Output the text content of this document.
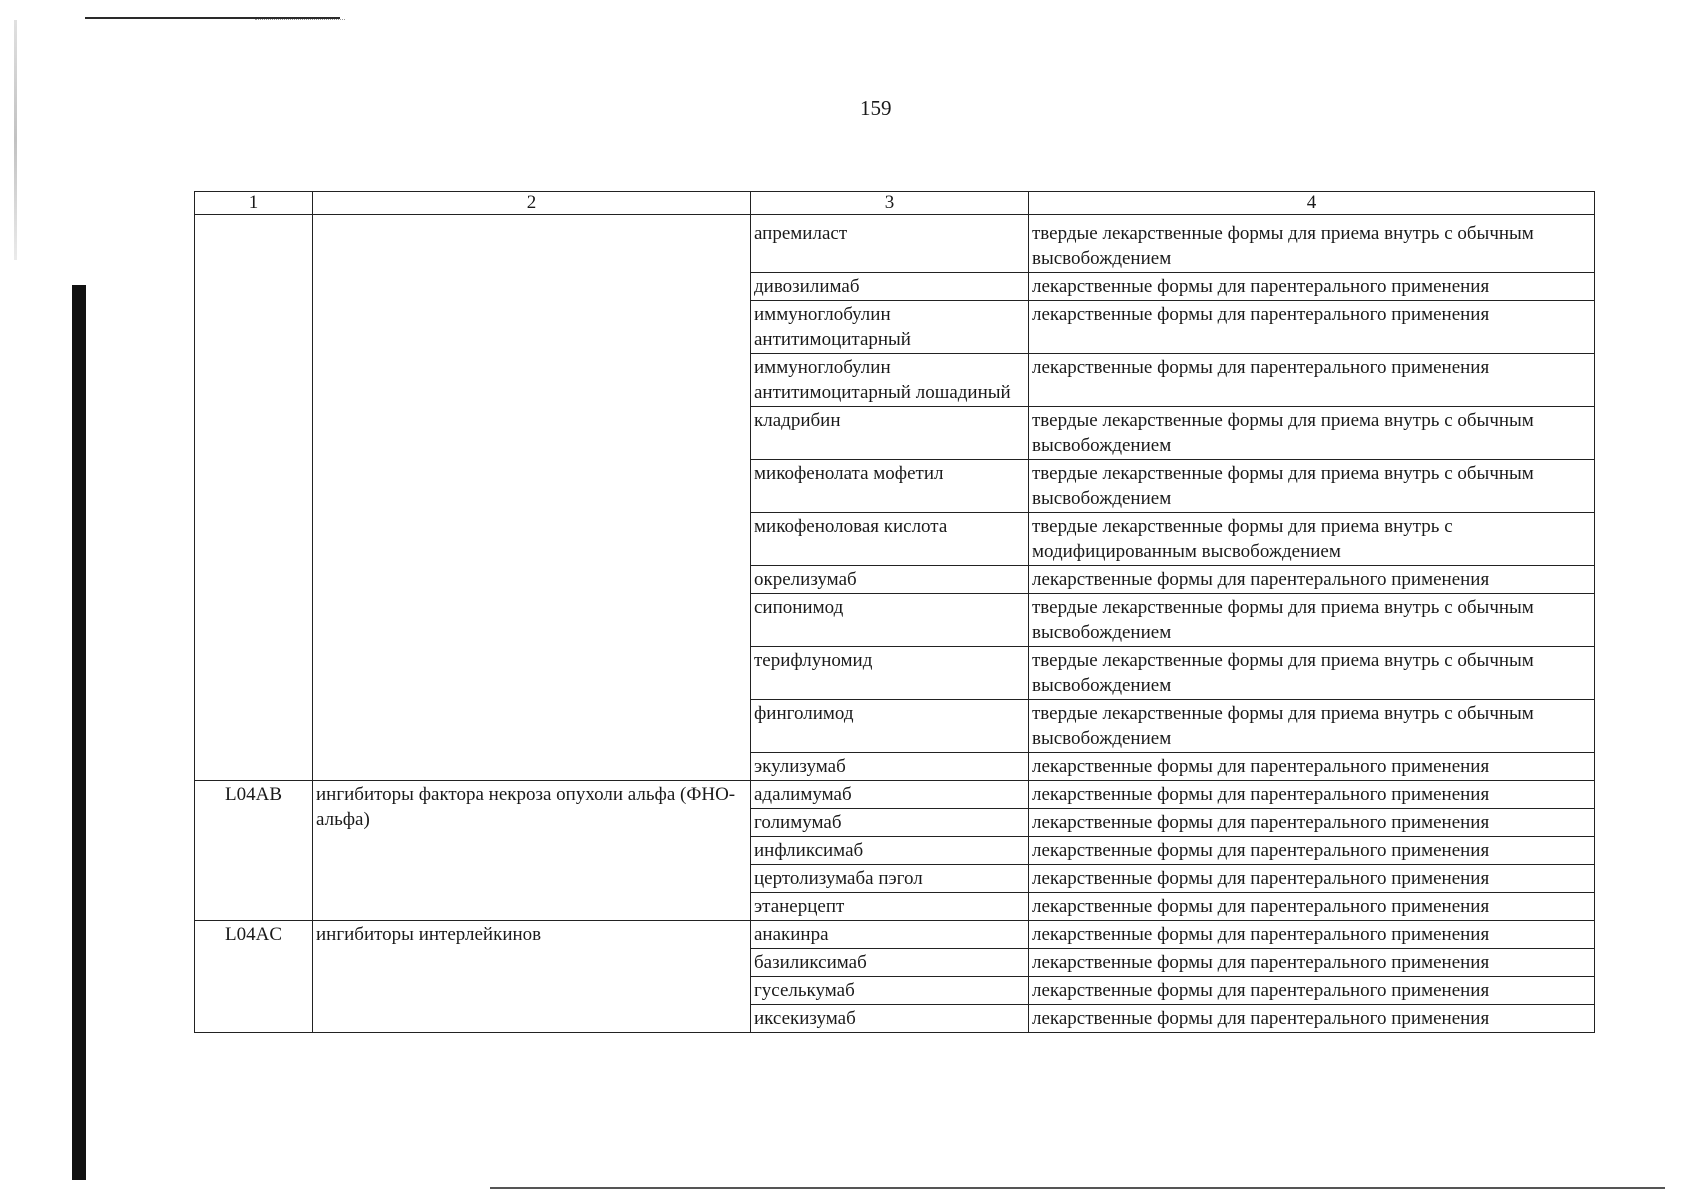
159
1	2	3	4
		апремиласт	твердые лекарственные формы для приема внутрь с обычным высвобождением
		дивозилимаб	лекарственные формы для парентерального применения
		иммуноглобулин антитимоцитарный	лекарственные формы для парентерального применения
		иммуноглобулин антитимоцитарный лошадиный	лекарственные формы для парентерального применения
		кладрибин	твердые лекарственные формы для приема внутрь с обычным высвобождением
		микофенолата мофетил	твердые лекарственные формы для приема внутрь с обычным высвобождением
		микофеноловая кислота	твердые лекарственные формы для приема внутрь с модифицированным высвобождением
		окрелизумаб	лекарственные формы для парентерального применения
		сипонимод	твердые лекарственные формы для приема внутрь с обычным высвобождением
		терифлуномид	твердые лекарственные формы для приема внутрь с обычным высвобождением
		финголимод	твердые лекарственные формы для приема внутрь с обычным высвобождением
		экулизумаб	лекарственные формы для парентерального применения
L04AB	ингибиторы фактора некроза опухоли альфа (ФНО-альфа)	адалимумаб	лекарственные формы для парентерального применения
		голимумаб	лекарственные формы для парентерального применения
		инфликсимаб	лекарственные формы для парентерального применения
		цертолизумаба пэгол	лекарственные формы для парентерального применения
		этанерцепт	лекарственные формы для парентерального применения
L04AC	ингибиторы интерлейкинов	анакинра	лекарственные формы для парентерального применения
		базиликсимаб	лекарственные формы для парентерального применения
		гуселькумаб	лекарственные формы для парентерального применения
		иксекизумаб	лекарственные формы для парентерального применения
